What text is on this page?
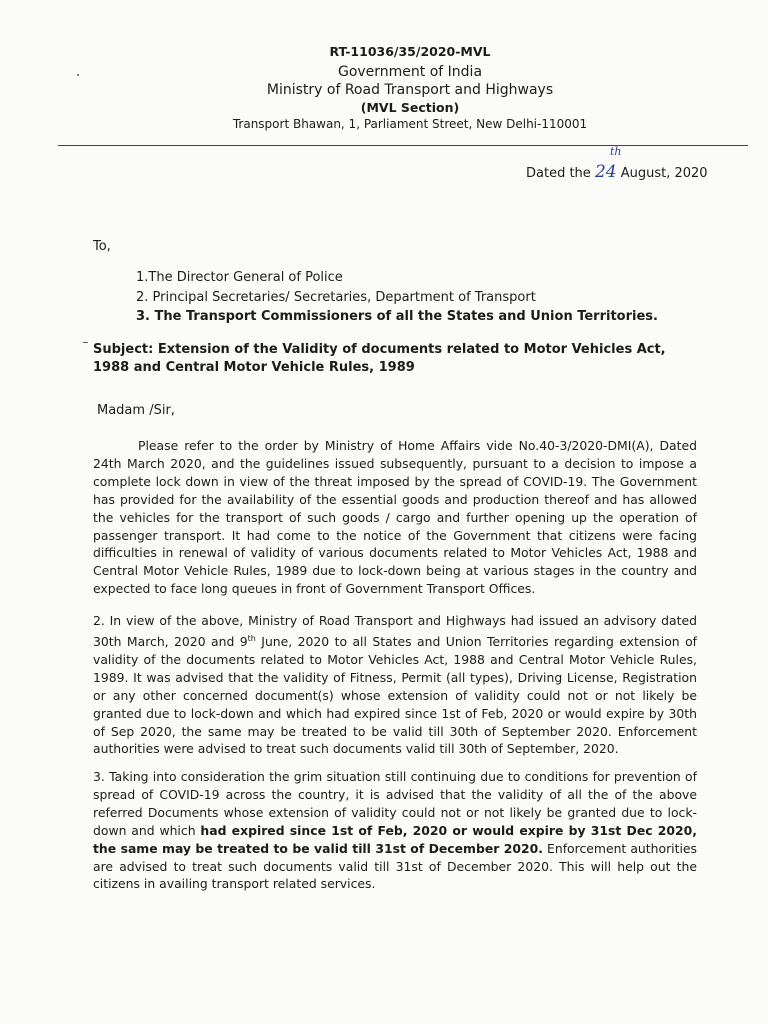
RT-11036/35/2020-MVL
Government of India
Ministry of Road Transport and Highways
(MVL Section)
Transport Bhawan, 1, Parliament Street, New Delhi-110001
Dated the 24
th
August, 2020
To,
1.The Director General of Police
2. Principal Secretaries/ Secretaries, Department of Transport
3. The Transport Commissioners of all the States and Union Territories.
Subject: Extension of the Validity of documents related to Motor Vehicles Act, 1988 and Central Motor Vehicle Rules, 1989
Madam /Sir,

Please refer to the order by Ministry of Home Affairs vide No.40-3/2020-DMI(A), Dated 24th March 2020, and the guidelines issued subsequently, pursuant to a decision to impose a complete lock down in view of the threat imposed by the spread of COVID-19. The Government has provided for the availability of the essential goods and production thereof and has allowed the vehicles for the transport of such goods / cargo and further opening up the operation of passenger transport. It had come to the notice of the Government that citizens were facing difficulties in renewal of validity of various documents related to Motor Vehicles Act, 1988 and Central Motor Vehicle Rules, 1989 due to lock-down being at various stages in the country and expected to face long queues in front of Government Transport Offices.

2. In view of the above, Ministry of Road Transport and Highways had issued an advisory dated 30th March, 2020 and 9th June, 2020 to all States and Union Territories regarding extension of validity of the documents related to Motor Vehicles Act, 1988 and Central Motor Vehicle Rules, 1989. It was advised that the validity of Fitness, Permit (all types), Driving License, Registration or any other concerned document(s) whose extension of validity could not or not likely be granted due to lock-down and which had expired since 1st of Feb, 2020 or would expire by 30th of Sep 2020, the same may be treated to be valid till 30th of September 2020. Enforcement authorities were advised to treat such documents valid till 30th of September, 2020.

3. Taking into consideration the grim situation still continuing due to conditions for prevention of spread of COVID-19 across the country, it is advised that the validity of all the of the above referred Documents whose extension of validity could not or not likely be granted due to lock-down and which had expired since 1st of Feb, 2020 or would expire by 31st Dec 2020, the same may be treated to be valid till 31st of December 2020. Enforcement authorities are advised to treat such documents valid till 31st of December 2020. This will help out the citizens in availing transport related services.
